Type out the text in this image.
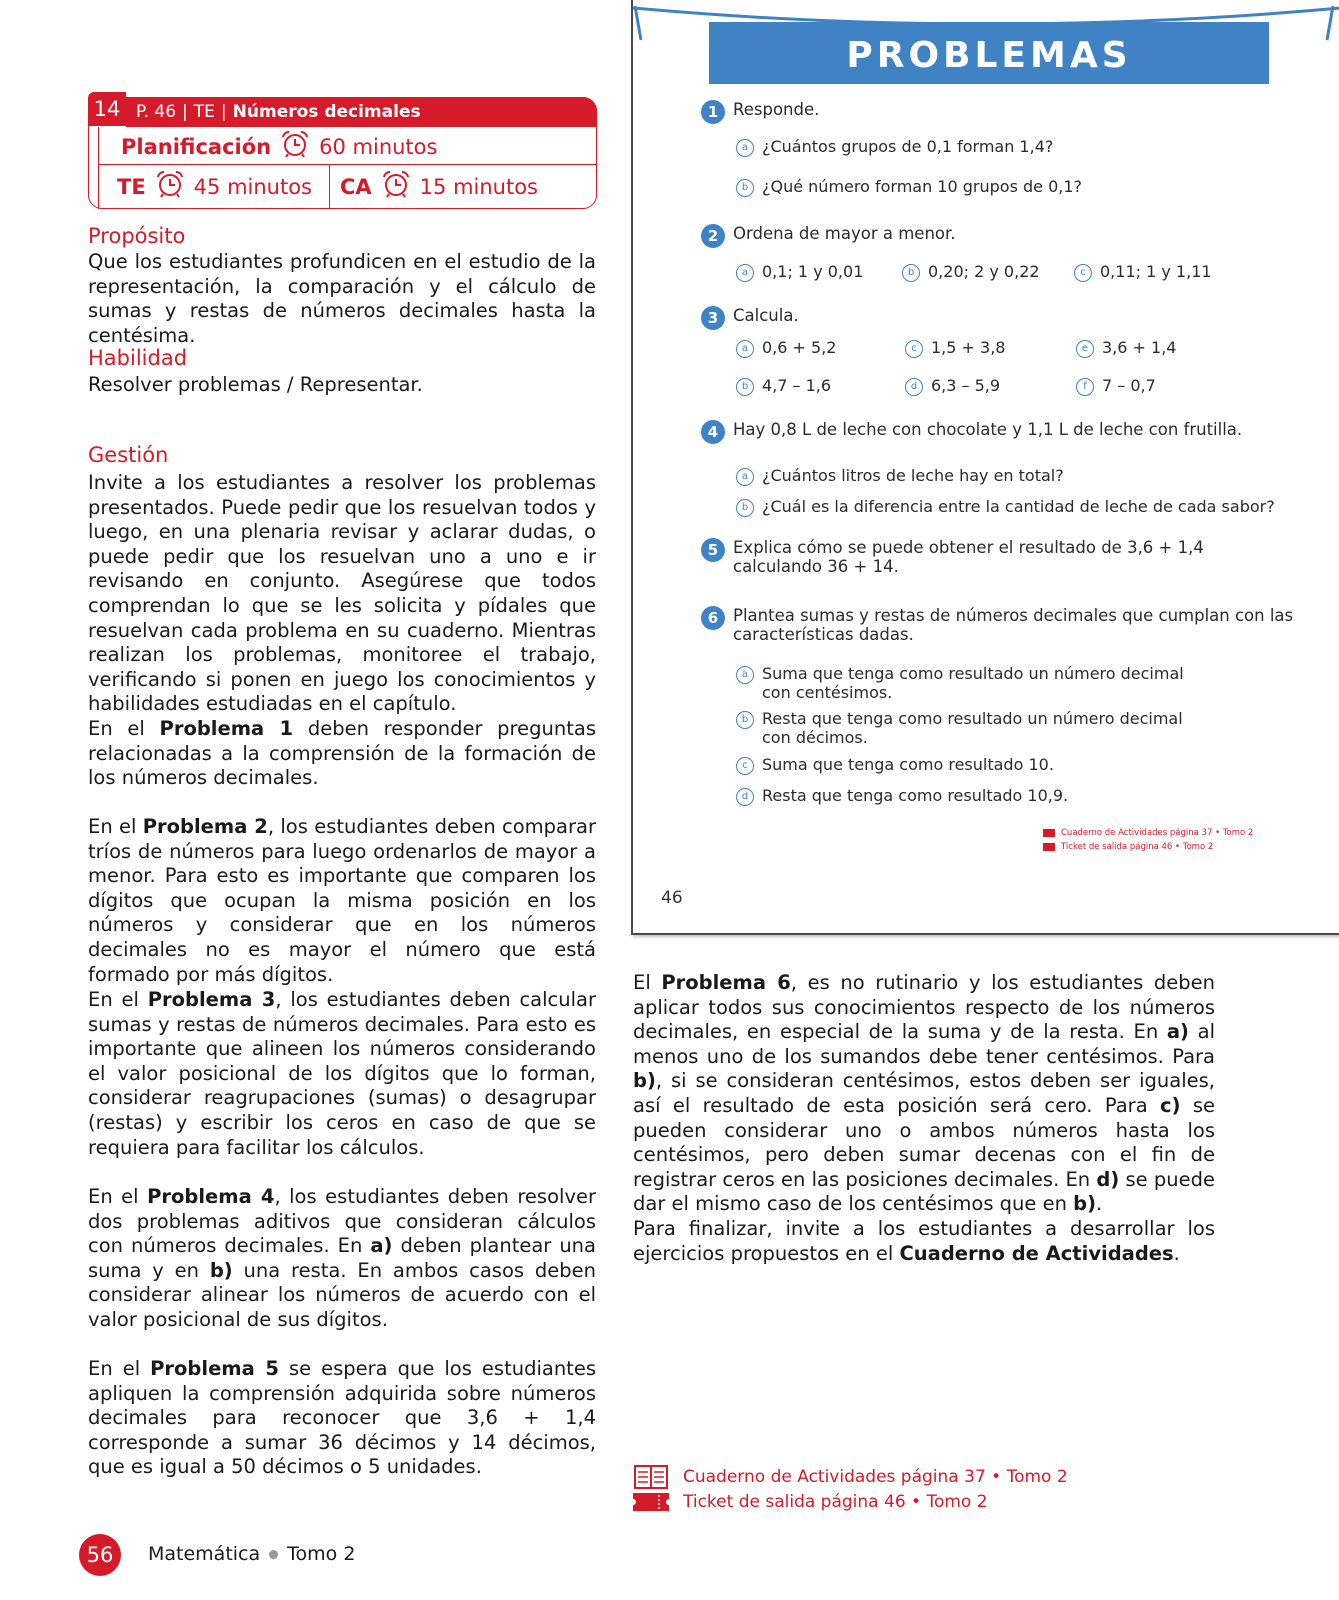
14 P. 46 | TE | Números decimales
Planificación 60 minutos
TE 45 minutos CA 15 minutos
Propósito
Que los estudiantes profundicen en el estudio de la representación, la comparación y el cálculo de sumas y restas de números decimales hasta la centésima.
Habilidad
Resolver problemas / Representar.
Gestión
Invite a los estudiantes a resolver los problemas presentados. Puede pedir que los resuelvan todos y luego, en una plenaria revisar y aclarar dudas, o puede pedir que los resuelvan uno a uno e ir revisando en conjunto. Asegúrese que todos comprendan lo que se les solicita y pídales que resuelvan cada problema en su cuaderno. Mientras realizan los problemas, monitoree el trabajo, verificando si ponen en juego los conocimientos y habilidades estudiadas en el capítulo.
En el Problema 1 deben responder preguntas relacionadas a la comprensión de la formación de los números decimales.
En el Problema 2, los estudiantes deben comparar tríos de números para luego ordenarlos de mayor a menor. Para esto es importante que comparen los dígitos que ocupan la misma posición en los números y considerar que en los números decimales no es mayor el número que está formado por más dígitos.
En el Problema 3, los estudiantes deben calcular sumas y restas de números decimales. Para esto es importante que alineen los números considerando el valor posicional de los dígitos que lo forman, considerar reagrupaciones (sumas) o desagrupar (restas) y escribir los ceros en caso de que se requiera para facilitar los cálculos.
En el Problema 4, los estudiantes deben resolver dos problemas aditivos que consideran cálculos con números decimales. En a) deben plantear una suma y en b) una resta. En ambos casos deben considerar alinear los números de acuerdo con el valor posicional de sus dígitos.
En el Problema 5 se espera que los estudiantes apliquen la comprensión adquirida sobre números decimales para reconocer que 3,6 + 1,4 corresponde a sumar 36 décimos y 14 décimos, que es igual a 50 décimos o 5 unidades.
PROBLEMAS
1 Responde.
a ¿Cuántos grupos de 0,1 forman 1,4?
b ¿Qué número forman 10 grupos de 0,1?
2 Ordena de mayor a menor.
a 0,1; 1 y 0,01	b 0,20; 2 y 0,22	c 0,11; 1 y 1,11
3 Calcula.
a 0,6 + 5,2
b 4,7 – 1,6
c 1,5 + 3,8
d 6,3 – 5,9
e 3,6 + 1,4
f 7 – 0,7
4 Hay 0,8 L de leche con chocolate y 1,1 L de leche con frutilla.
a ¿Cuántos litros de leche hay en total?
b ¿Cuál es la diferencia entre la cantidad de leche de cada sabor?
5 Explica cómo se puede obtener el resultado de 3,6 + 1,4
calculando 36 + 14.
6 Plantea sumas y restas de números decimales que cumplan con las
características dadas.
a Suma que tenga como resultado un número decimal
con centésimos.
b Resta que tenga como resultado un número decimal
con décimos.
c Suma que tenga como resultado 10.
d Resta que tenga como resultado 10,9.
Cuaderno de Actividades página 37 • Tomo 2
Ticket de salida página 46 • Tomo 2
46
El Problema 6, es no rutinario y los estudiantes deben aplicar todos sus conocimientos respecto de los números decimales, en especial de la suma y de la resta. En a) al menos uno de los sumandos debe tener centésimos. Para b), si se consideran centésimos, estos deben ser iguales, así el resultado de esta posición será cero. Para c) se pueden considerar uno o ambos números hasta los centésimos, pero deben sumar decenas con el fin de registrar ceros en las posiciones decimales. En d) se puede dar el mismo caso de los centésimos que en b).
Para finalizar, invite a los estudiantes a desarrollar los ejercicios propuestos en el Cuaderno de Actividades.
Cuaderno de Actividades página 37 • Tomo 2
Ticket de salida página 46 • Tomo 2
56	Matemática Tomo 2
